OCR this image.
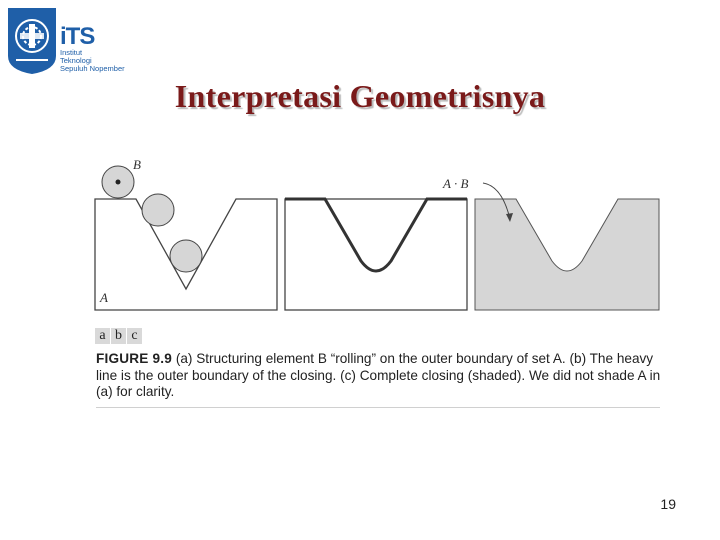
iTS
Institut
Teknologi
Sepuluh Nopember
Interpretasi Geometrisnya
B
A
A · B
a b c
FIGURE 9.9 (a) Structuring element B “rolling” on the outer boundary of set A. (b) The heavy line is the outer boundary of the closing. (c) Complete closing (shaded). We did not shade A in (a) for clarity.
19
